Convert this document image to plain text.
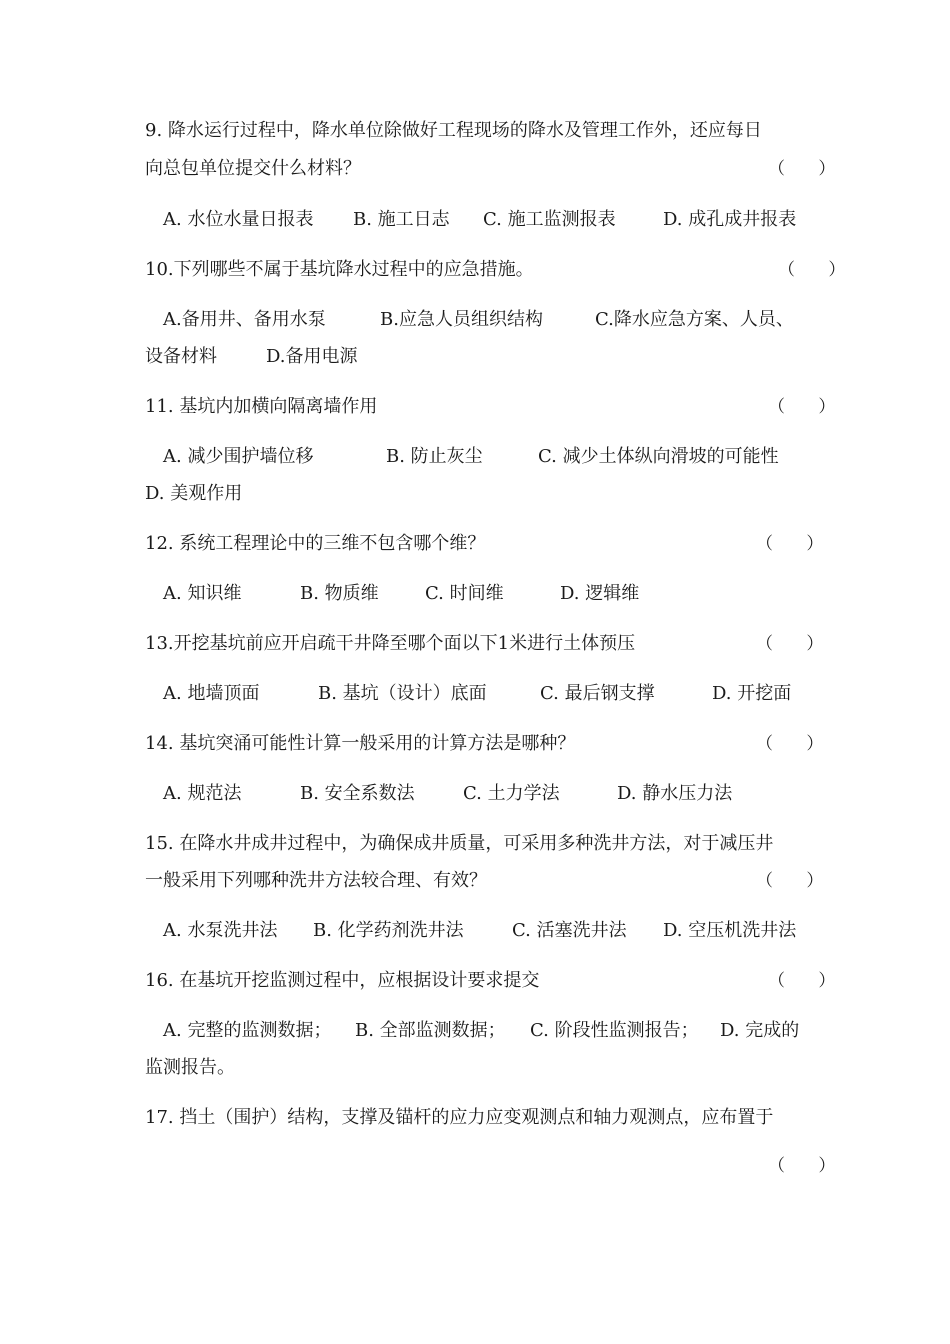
9. 降水运行过程中，降水单位除做好工程现场的降水及管理工作外，还应每日
向总包单位提交什么材料？	（ ）
A. 水位水量日报表 B. 施工日志 C. 施工监测报表	D. 成孔成井报表
10.下列哪些不属于基坑降水过程中的应急措施。	（ ）
A.备用井、备用水泵	B.应急人员组织结构	C.降水应急方案、人员、
设备材料	D.备用电源
11. 基坑内加横向隔离墙作用	（ ）
A. 减少围护墙位移	B. 防止灰尘	C. 减少土体纵向滑坡的可能性
D. 美观作用
12. 系统工程理论中的三维不包含哪个维？	（ ）
A. 知识维	B. 物质维	C. 时间维	D. 逻辑维
13.开挖基坑前应开启疏干井降至哪个面以下1米进行土体预压	（ ）
A. 地墙顶面	B. 基坑（设计）底面	C. 最后钢支撑	D. 开挖面
14. 基坑突涌可能性计算一般采用的计算方法是哪种？	（ ）
A. 规范法	B. 安全系数法	C. 土力学法	D. 静水压力法
15. 在降水井成井过程中，为确保成井质量，可采用多种洗井方法，对于减压井
一般采用下列哪种洗井方法较合理、有效？	（ ）
A. 水泵洗井法 B. 化学药剂洗井法	C. 活塞洗井法 D. 空压机洗井法
16. 在基坑开挖监测过程中，应根据设计要求提交	（ ）
A. 完整的监测数据； B. 全部监测数据； C. 阶段性监测报告； D. 完成的
监测报告。
17. 挡土（围护）结构，支撑及锚杆的应力应变观测点和轴力观测点，应布置于
（ ）
